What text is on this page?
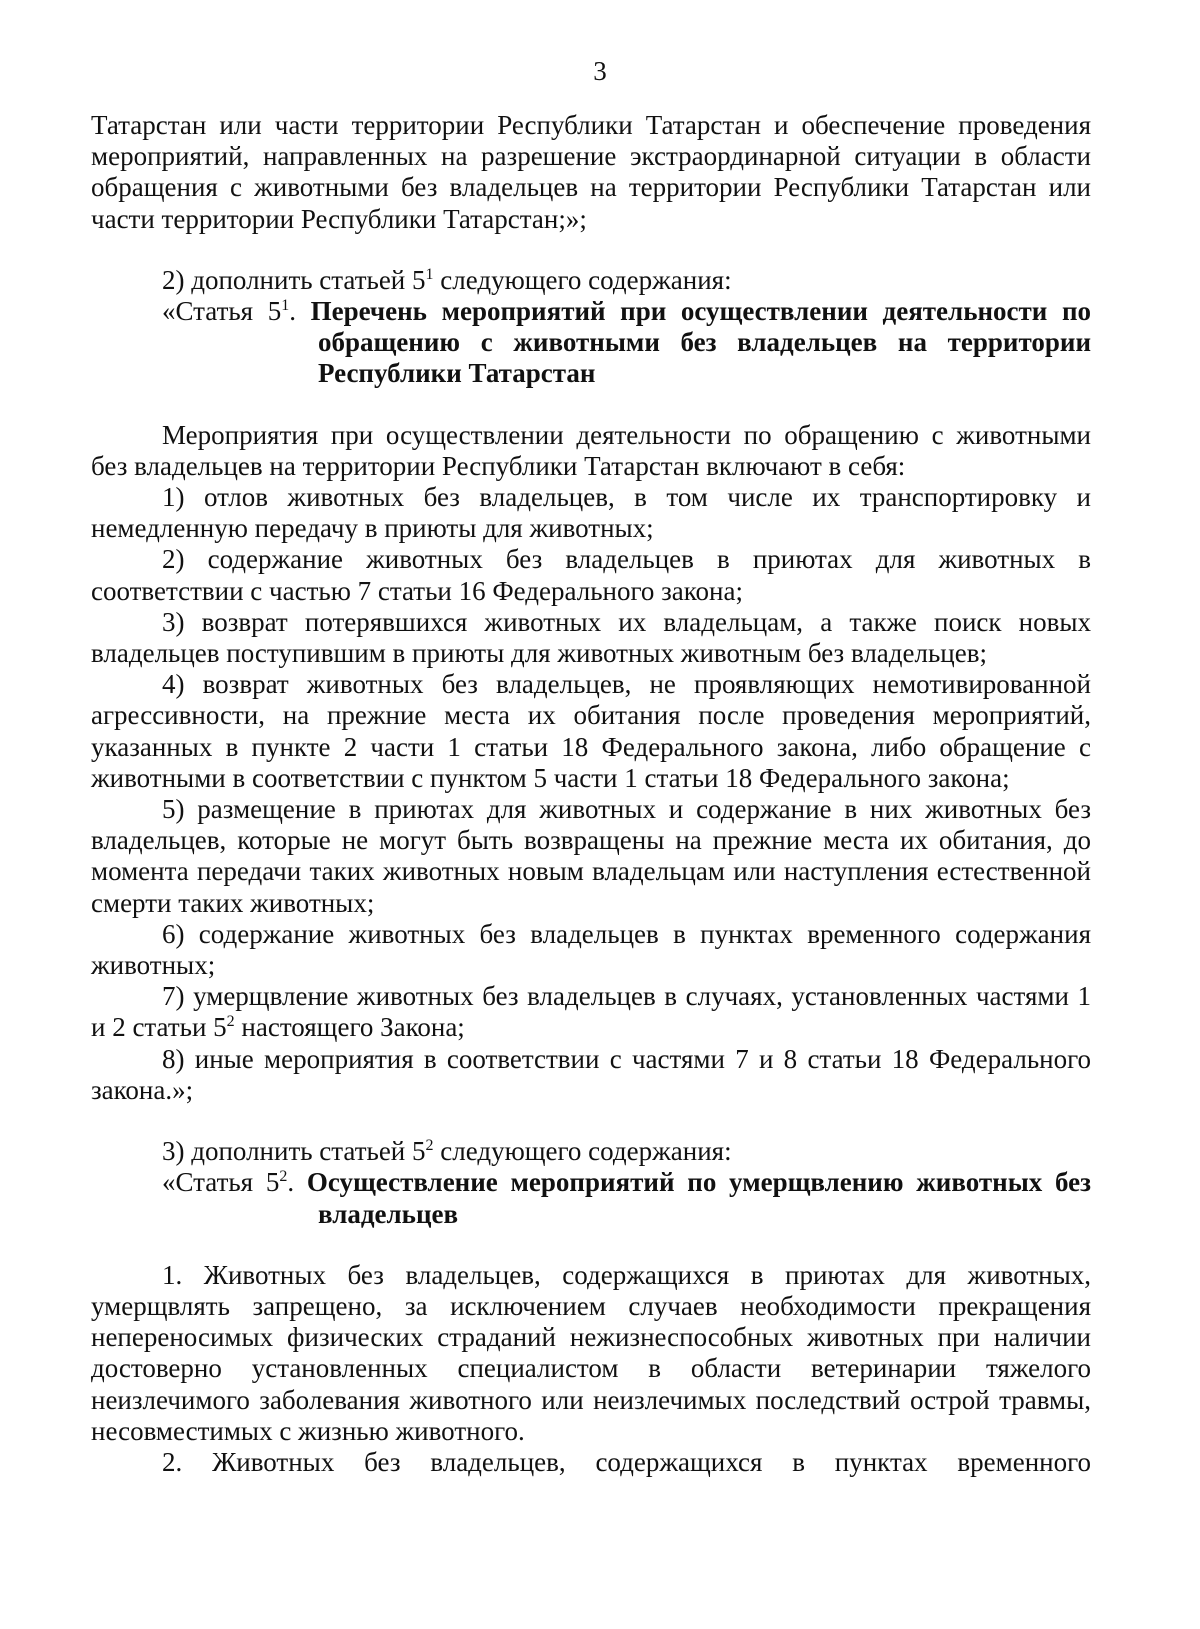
3

Татарстан или части территории Республики Татарстан и обеспечение проведения мероприятий, направленных на разрешение экстраординарной ситуации в области обращения с животными без владельцев на территории Республики Татарстан или части территории Республики Татарстан;»;

2) дополнить статьей $5^1$ следующего содержания:

«Статья $5^1$. Перечень мероприятий при осуществлении деятельности по обращению с животными без владельцев на территории Республики Татарстан

Мероприятия при осуществлении деятельности по обращению с животными без владельцев на территории Республики Татарстан включают в себя:

1) отлов животных без владельцев, в том числе их транспортировку и немедленную передачу в приюты для животных;

2) содержание животных без владельцев в приютах для животных в соответствии с частью 7 статьи 16 Федерального закона;

3) возврат потерявшихся животных их владельцам, а также поиск новых владельцев поступившим в приюты для животных животным без владельцев;

4) возврат животных без владельцев, не проявляющих немотивированной агрессивности, на прежние места их обитания после проведения мероприятий, указанных в пункте 2 части 1 статьи 18 Федерального закона, либо обращение с животными в соответствии с пунктом 5 части 1 статьи 18 Федерального закона;

5) размещение в приютах для животных и содержание в них животных без владельцев, которые не могут быть возвращены на прежние места их обитания, до момента передачи таких животных новым владельцам или наступления естественной смерти таких животных;

6) содержание животных без владельцев в пунктах временного содержания животных;

7) умерщвление животных без владельцев в случаях, установленных частями 1 и 2 статьи $5^2$ настоящего Закона;

8) иные мероприятия в соответствии с частями 7 и 8 статьи 18 Федерального закона.»;

3) дополнить статьей $5^2$ следующего содержания:

«Статья $5^2$. Осуществление мероприятий по умерщвлению животных без владельцев

1. Животных без владельцев, содержащихся в приютах для животных, умерщвлять запрещено, за исключением случаев необходимости прекращения непереносимых физических страданий нежизнеспособных животных при наличии достоверно установленных специалистом в области ветеринарии тяжелого неизлечимого заболевания животного или неизлечимых последствий острой травмы, несовместимых с жизнью животного.

2. Животных без владельцев, содержащихся в пунктах временного
